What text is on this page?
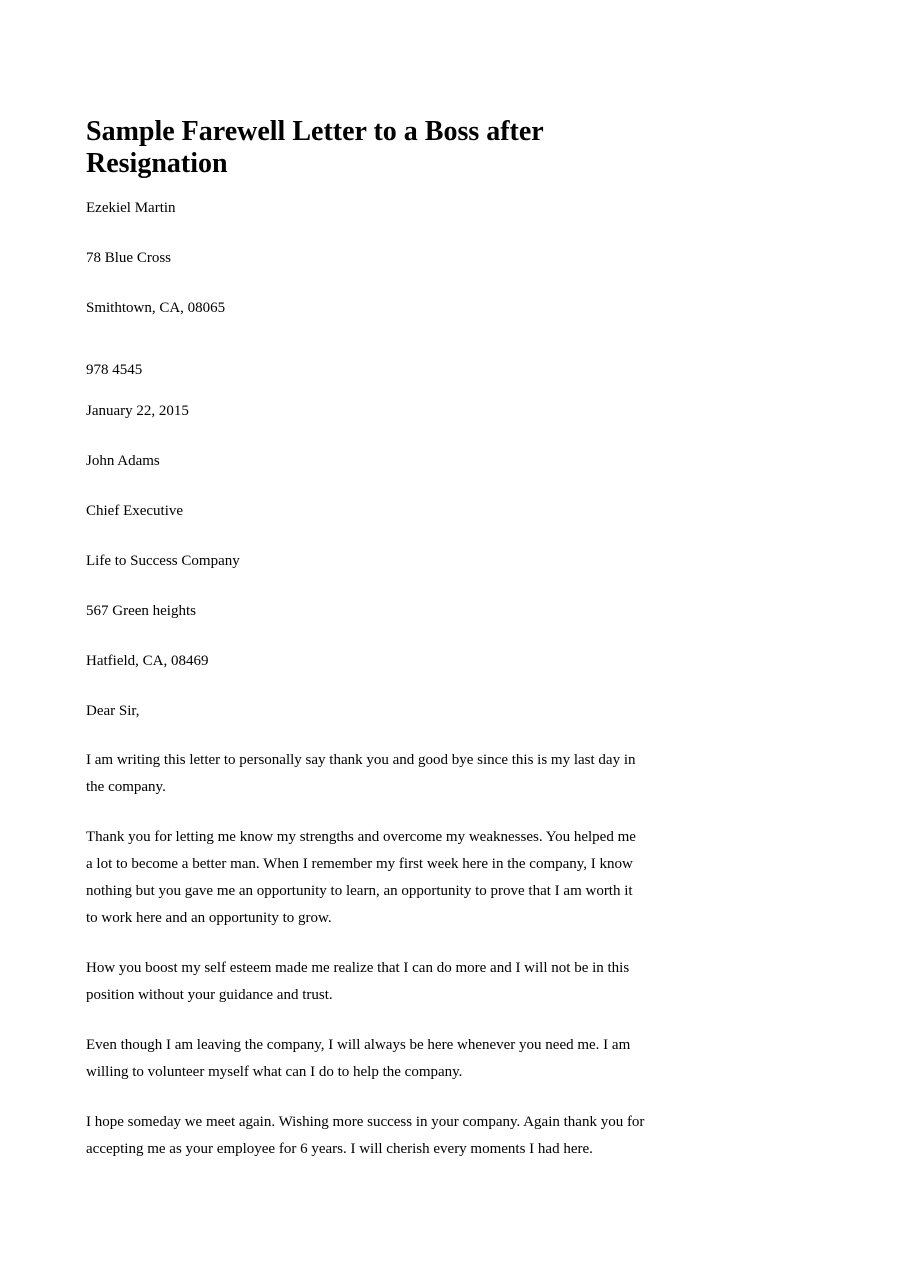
Sample Farewell Letter to a Boss after Resignation

Ezekiel Martin

78 Blue Cross

Smithtown, CA, 08065

978 4545

January 22, 2015

John Adams

Chief Executive

Life to Success Company

567 Green heights

Hatfield, CA, 08469

Dear Sir,

I am writing this letter to personally say thank you and good bye since this is my last day in the company.

Thank you for letting me know my strengths and overcome my weaknesses. You helped me a lot to become a better man. When I remember my first week here in the company, I know nothing but you gave me an opportunity to learn, an opportunity to prove that I am worth it to work here and an opportunity to grow.

How you boost my self esteem made me realize that I can do more and I will not be in this position without your guidance and trust.

Even though I am leaving the company, I will always be here whenever you need me. I am willing to volunteer myself what can I do to help the company.

I hope someday we meet again. Wishing more success in your company. Again thank you for accepting me as your employee for 6 years. I will cherish every moments I had here.
